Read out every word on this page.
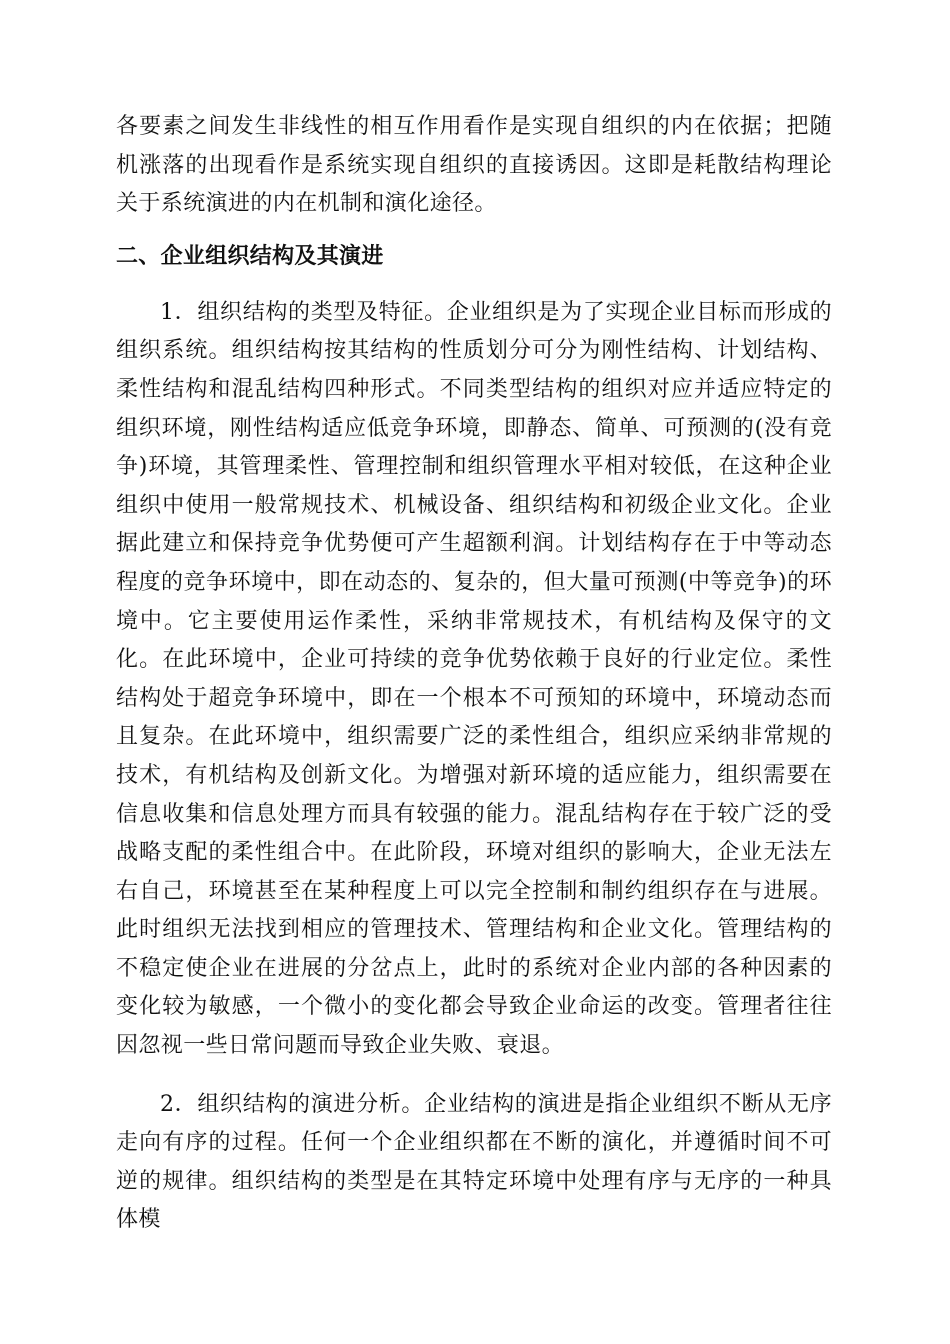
各要素之间发生非线性的相互作用看作是实现自组织的内在依据；把随机涨落的出现看作是系统实现自组织的直接诱因。这即是耗散结构理论关于系统演进的内在机制和演化途径。

二、企业组织结构及其演进

1．组织结构的类型及特征。企业组织是为了实现企业目标而形成的组织系统。组织结构按其结构的性质划分可分为刚性结构、计划结构、柔性结构和混乱结构四种形式。不同类型结构的组织对应并适应特定的组织环境，刚性结构适应低竞争环境，即静态、简单、可预测的(没有竞争)环境，其管理柔性、管理控制和组织管理水平相对较低，在这种企业组织中使用一般常规技术、机械设备、组织结构和初级企业文化。企业据此建立和保持竞争优势便可产生超额利润。计划结构存在于中等动态程度的竞争环境中，即在动态的、复杂的，但大量可预测(中等竞争)的环境中。它主要使用运作柔性，采纳非常规技术，有机结构及保守的文化。在此环境中，企业可持续的竞争优势依赖于良好的行业定位。柔性结构处于超竞争环境中，即在一个根本不可预知的环境中，环境动态而且复杂。在此环境中，组织需要广泛的柔性组合，组织应采纳非常规的技术，有机结构及创新文化。为增强对新环境的适应能力，组织需要在信息收集和信息处理方而具有较强的能力。混乱结构存在于较广泛的受战略支配的柔性组合中。在此阶段，环境对组织的影响大，企业无法左右自己，环境甚至在某种程度上可以完全控制和制约组织存在与进展。此时组织无法找到相应的管理技术、管理结构和企业文化。管理结构的不稳定使企业在进展的分岔点上，此时的系统对企业内部的各种因素的变化较为敏感，一个微小的变化都会导致企业命运的改变。管理者往往因忽视一些日常问题而导致企业失败、衰退。

2．组织结构的演进分析。企业结构的演进是指企业组织不断从无序走向有序的过程。任何一个企业组织都在不断的演化，并遵循时间不可逆的规律。组织结构的类型是在其特定环境中处理有序与无序的一种具体模
